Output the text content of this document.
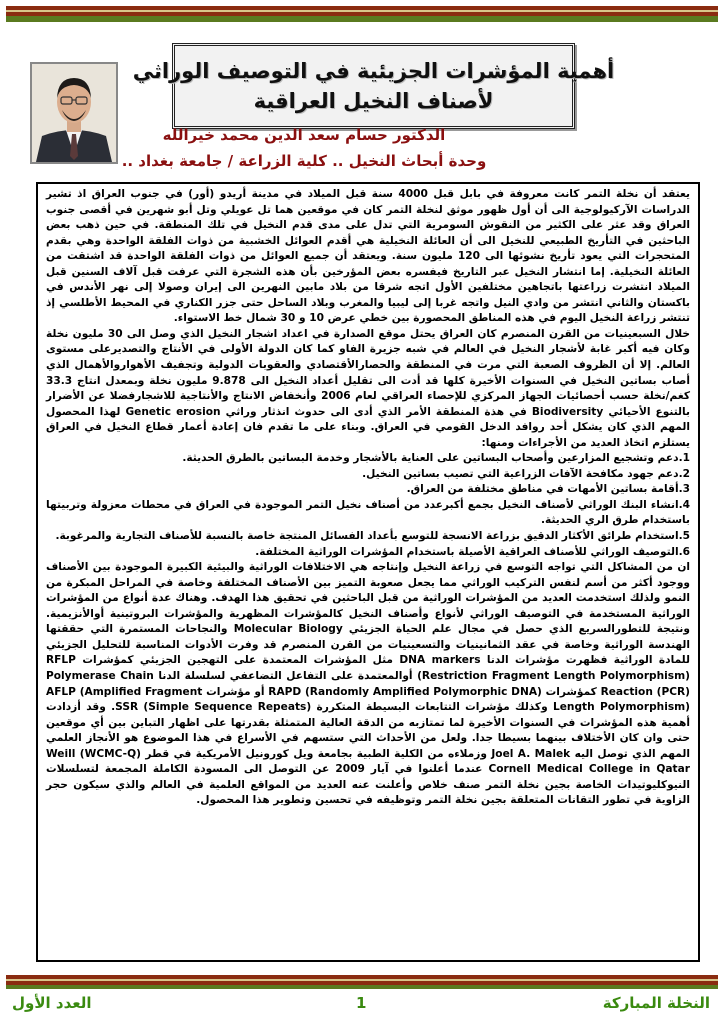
أهمية المؤشرات الجزيئية في التوصيف الوراثي
لأصناف النخيل العراقية
الدكتور حسام سعد الدين محمد خيرالله
وحدة أبحاث النخيل .. كلية الزراعة / جامعة بغداد ..

يعتقد أن نخلة التمر كانت معروفة في بابل قبل 4000 سنة قبل الميلاد في مدينة أريدو (أور) في جنوب العراق اذ تشير الدراسات الآركيولوجية الى أن أول ظهور موثق لنخلة التمر كان في موقعين هما تل عويلي وتل أبو شهرين في أقصى جنوب العراق وقد عثر على الكثير من النقوش السومرية التي تدل على مدى قدم النخيل في تلك المنطقة. في حين ذهب بعض الباحثين في التأريخ الطبيعي للنخيل الى أن العائلة النخيلية هي أقدم العوائل الخشبية من ذوات الفلقة الواحدة وهي بقدم المتحجرات التي يعود تأريخ نشوئها الى 120 مليون سنة. ويعتقد أن جميع العوائل من ذوات الفلقة الواحدة قد اشتقت من العائلة النخيلية. إما انتشار النخيل عبر التاريخ فيفسره بعض المؤرخين بأن هذه الشجرة التي عرفت قبل آلاف السنين قبل الميلاد انتشرت زراعتها باتجاهين مختلفين الأول اتجه شرقا من بلاد مابين النهرين الى إيران وصولا إلى نهر الأندس في باكستان والثاني انتشر من وادي النيل واتجه غربا إلى ليبيا والمغرب وبلاد الساحل حتى جزر الكناري في المحيط الأطلسي إذ تنتشر زراعة النخيل اليوم في هذه المناطق المحصورة بين خطي عرض 10 و 30 شمال خط الاستواء.

خلال السبعينيات من القرن المنصرم كان العراق يحتل موقع الصدارة في اعداد اشجار النخيل الذي وصل الى 30 مليون نخلة وكان فيه أكبر غابة لأشجار النخيل في العالم في شبه جزيرة الفاو كما كان الدولة الأولى في الأنتاج والتصديرعلى مستوى العالم. إلا أن الظروف الصعبة التي مرت في المنطقة والحصارالأقتصادي والعقوبات الدولية وتجفيف الأهواروالأهمال الذي أصاب بساتين النخيل في السنوات الأخيرة كلها قد أدت الى تقليل أعداد النخيل الى 9.878 مليون نخلة وبمعدل انتاج 33.3 كغم/نخلة حسب أحصائيات الجهاز المركزي للإحصاء العراقي لعام 2006 وأنخفاض الانتاج والأنتاجية للاشجارفضلا عن الأضرار بالتنوع الأحيائي Biodiversity في هذة المنطقة الأمر الذي أدى الى حدوث انذثار وراثي Genetic erosion لهذا المحصول المهم الذي كان يشكل أحد روافد الدخل القومي في العراق. وبناء على ما تقدم فان إعادة أعمار قطاع النخيل في العراق يستلزم اتخاذ العديد من الأجراءات ومنها:

1.دعم وتشجيع المزارعين وأصحاب البساتين على العناية بالأشجار وخدمة البساتين بالطرق الحديثة.
2.دعم جهود مكافحة الآفات الزراعية التي تصيب بساتين النخيل.
3.أقامة بساتين الأمهات في مناطق مختلفة من العراق.
4.انشاء البنك الوراثي لأصناف النخيل بجمع أكبرعدد من أصناف نخيل التمر الموجودة في العراق في محطات معزولة وتربيتها باستخدام طرق الري الحديثة.
5.استخدام طرائق الأكثار الدقيق بزراعة الانسجة للتوسع بأعداد الفسائل المنتجة خاصة بالنسبة للأصناف التجارية والمرغوبة.
6.التوصيف الوراثي للأصناف العراقية الأصيلة باستخدام المؤشرات الوراثية المختلفة.

ان من المشاكل التي تواجه التوسع في زراعة النخيل وإنتاجه هي الاختلافات الوراثية والبيئية الكبيرة الموجودة بين الأصناف ووجود أكثر من أسم لنفس التركيب الوراثي مما يجعل صعوبة التميز بين الأصناف المختلفة وخاصة في المراحل المبكرة من النمو ولذلك استخدمت العديد من المؤشرات الوراثية من قبل الباحثين في تحقيق هذا الهدف. وهناك عدة أنواع من المؤشرات الوراثية المستخدمة في التوصيف الوراثي لأنواع وأصناف النخيل كالمؤشرات المظهرية والمؤشرات البروتينية أوالأنزيمية. ونتيجة للتطورالسريع الذي حصل في مجال علم الحياة الجزيئي Molecular Biology والنجاحات المستمرة التي حققتها الهندسة الوراثية وخاصة في عقد الثمانينيات والتسعينيات من القرن المنصرم قد وفرت الأدوات المناسبة للتحليل الجزيئي للمادة الوراثية فظهرت مؤشرات الدنا DNA markers مثل المؤشرات المعتمدة على التهجين الجزيئي كمؤشرات RFLP (Restriction Fragment Length Polymorphism) أوالمعتمدة على التفاعل التضاعفي لسلسلة الدنا Polymerase Chain Reaction (PCR) كمؤشرات RAPD (Randomly Amplified Polymorphic DNA) أو مؤشرات AFLP (Amplified Fragment Length Polymorphism) وكذلك مؤشرات التتابعات البسيطة المتكررة SSR (Simple Sequence Repeats). وقد أزدادت أهمية هذه المؤشرات في السنوات الأخيرة لما تمتازبه من الدقة العالية المتمثلة بقدرتها على اظهار التباين بين أي موقعين حتى وان كان الأختلاف بينهما بسيطا جدا. ولعل من الأحداث التي ستسهم في الأسراع في هذا الموضوع هو الأنجاز العلمي المهم الذي توصل اليه Joel A. Malek وزملاءه من الكلية الطبية بجامعة ويل كورونيل الأمريكية في قطر (WCMC-Q) Weill Cornell Medical College in Qatar عندما أعلنوا في آيار 2009 عن التوصل الى المسودة الكاملة المجمعة لتسلسلات النيوكليوتيدات الخاصة بجين نخلة التمر صنف خلاص وأعلنت عنه العديد من المواقع العلمية في العالم والذي سيكون حجر الزاوية في تطور التقانات المتعلقة بجين نخلة التمر وتوظيفه في تحسين وتطوير هذا المحصول.

النخلة المباركة
1
العدد الأول
